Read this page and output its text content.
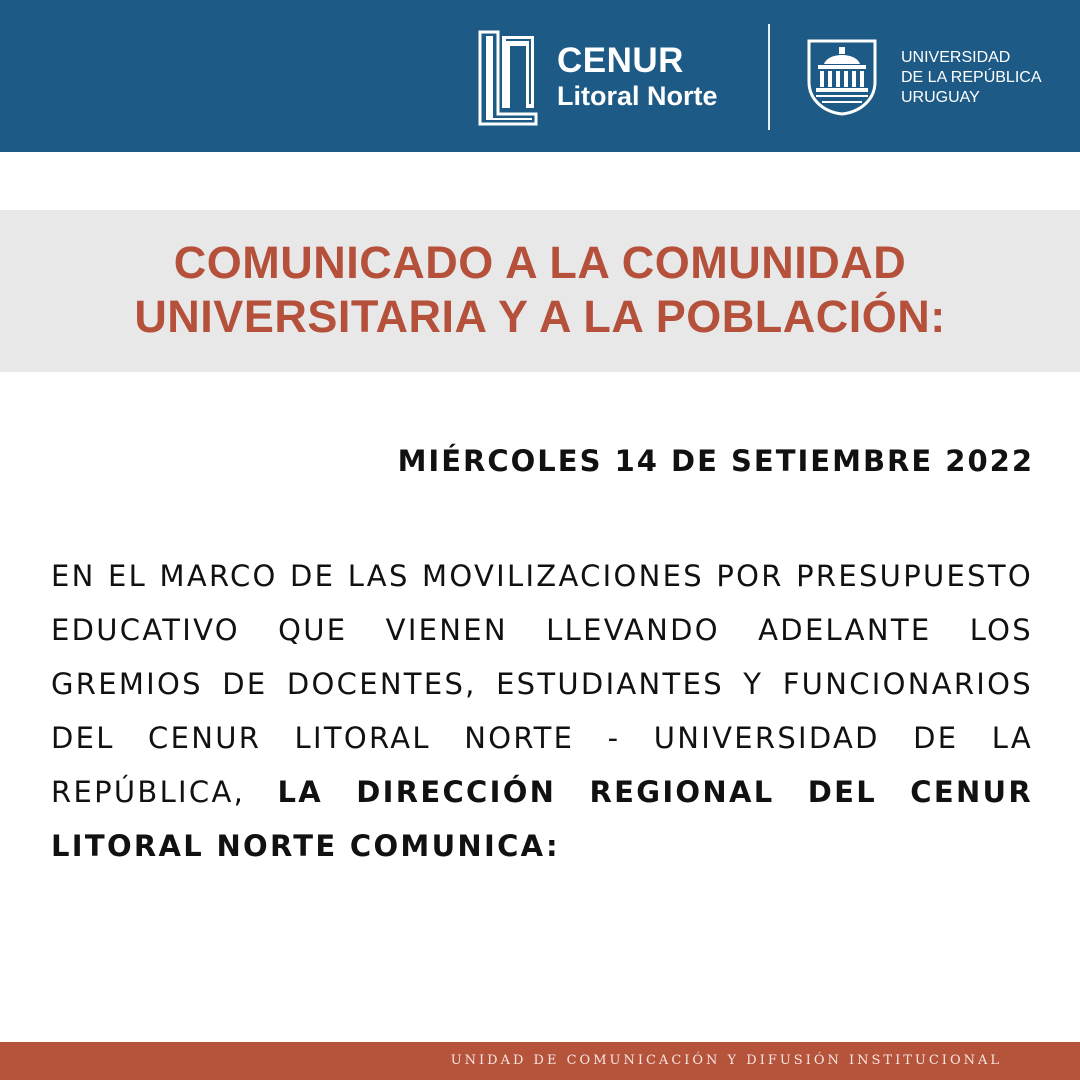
CENUR
Litoral Norte
UNIVERSIDAD
DE LA REPÚBLICA
URUGUAY
COMUNICADO A LA COMUNIDAD
UNIVERSITARIA Y A LA POBLACIÓN:
MIÉRCOLES 14 DE SETIEMBRE 2022
EN EL MARCO DE LAS MOVILIZACIONES POR PRESUPUESTO EDUCATIVO QUE VIENEN LLEVANDO ADELANTE LOS GREMIOS DE DOCENTES, ESTUDIANTES Y FUNCIONARIOS DEL CENUR LITORAL NORTE - UNIVERSIDAD DE LA REPÚBLICA, LA DIRECCIÓN REGIONAL DEL CENUR LITORAL NORTE COMUNICA:
UNIDAD DE COMUNICACIÓN Y DIFUSIÓN INSTITUCIONAL
